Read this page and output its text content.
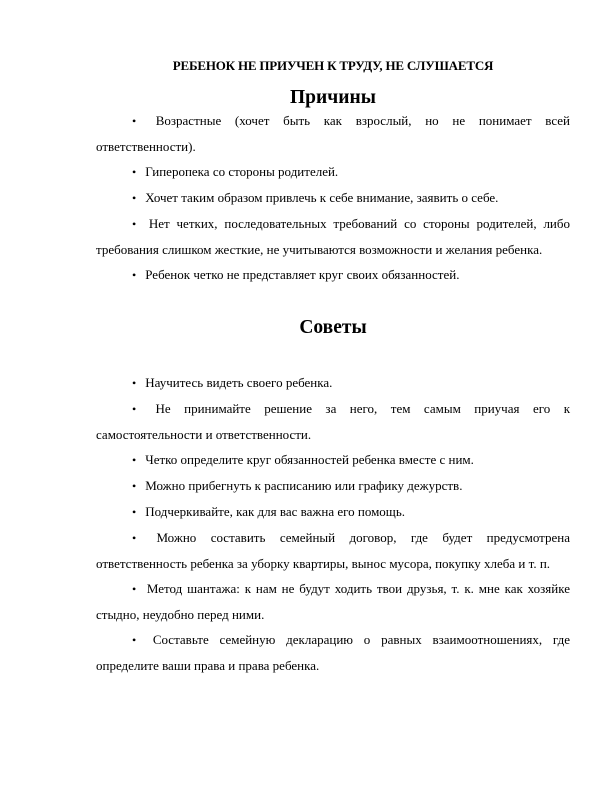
РЕБЕНОК НЕ ПРИУЧЕН К ТРУДУ, НЕ СЛУШАЕТСЯ
Причины

• Возрастные (хочет быть как взрослый, но не понимает всей ответственности).

• Гиперопека со стороны родителей.

• Хочет таким образом привлечь к себе внимание, заявить о себе.

• Нет четких, последовательных требований со стороны родителей, либо требования слишком жесткие, не учитываются возможности и желания ребенка.

• Ребенок четко не представляет круг своих обязанностей.

Советы

• Научитесь видеть своего ребенка.

• Не принимайте решение за него, тем самым приучая его к самостоятельности и ответственности.

• Четко определите круг обязанностей ребенка вместе с ним.

• Можно прибегнуть к расписанию или графику дежурств.

• Подчеркивайте, как для вас важна его помощь.

• Можно составить семейный договор, где будет предусмотрена ответственность ребенка за уборку квартиры, вынос мусора, покупку хлеба и т. п.

• Метод шантажа: к нам не будут ходить твои друзья, т. к. мне как хозяйке стыдно, неудобно перед ними.

• Составьте семейную декларацию о равных взаимоотношениях, где определите ваши права и права ребенка.
